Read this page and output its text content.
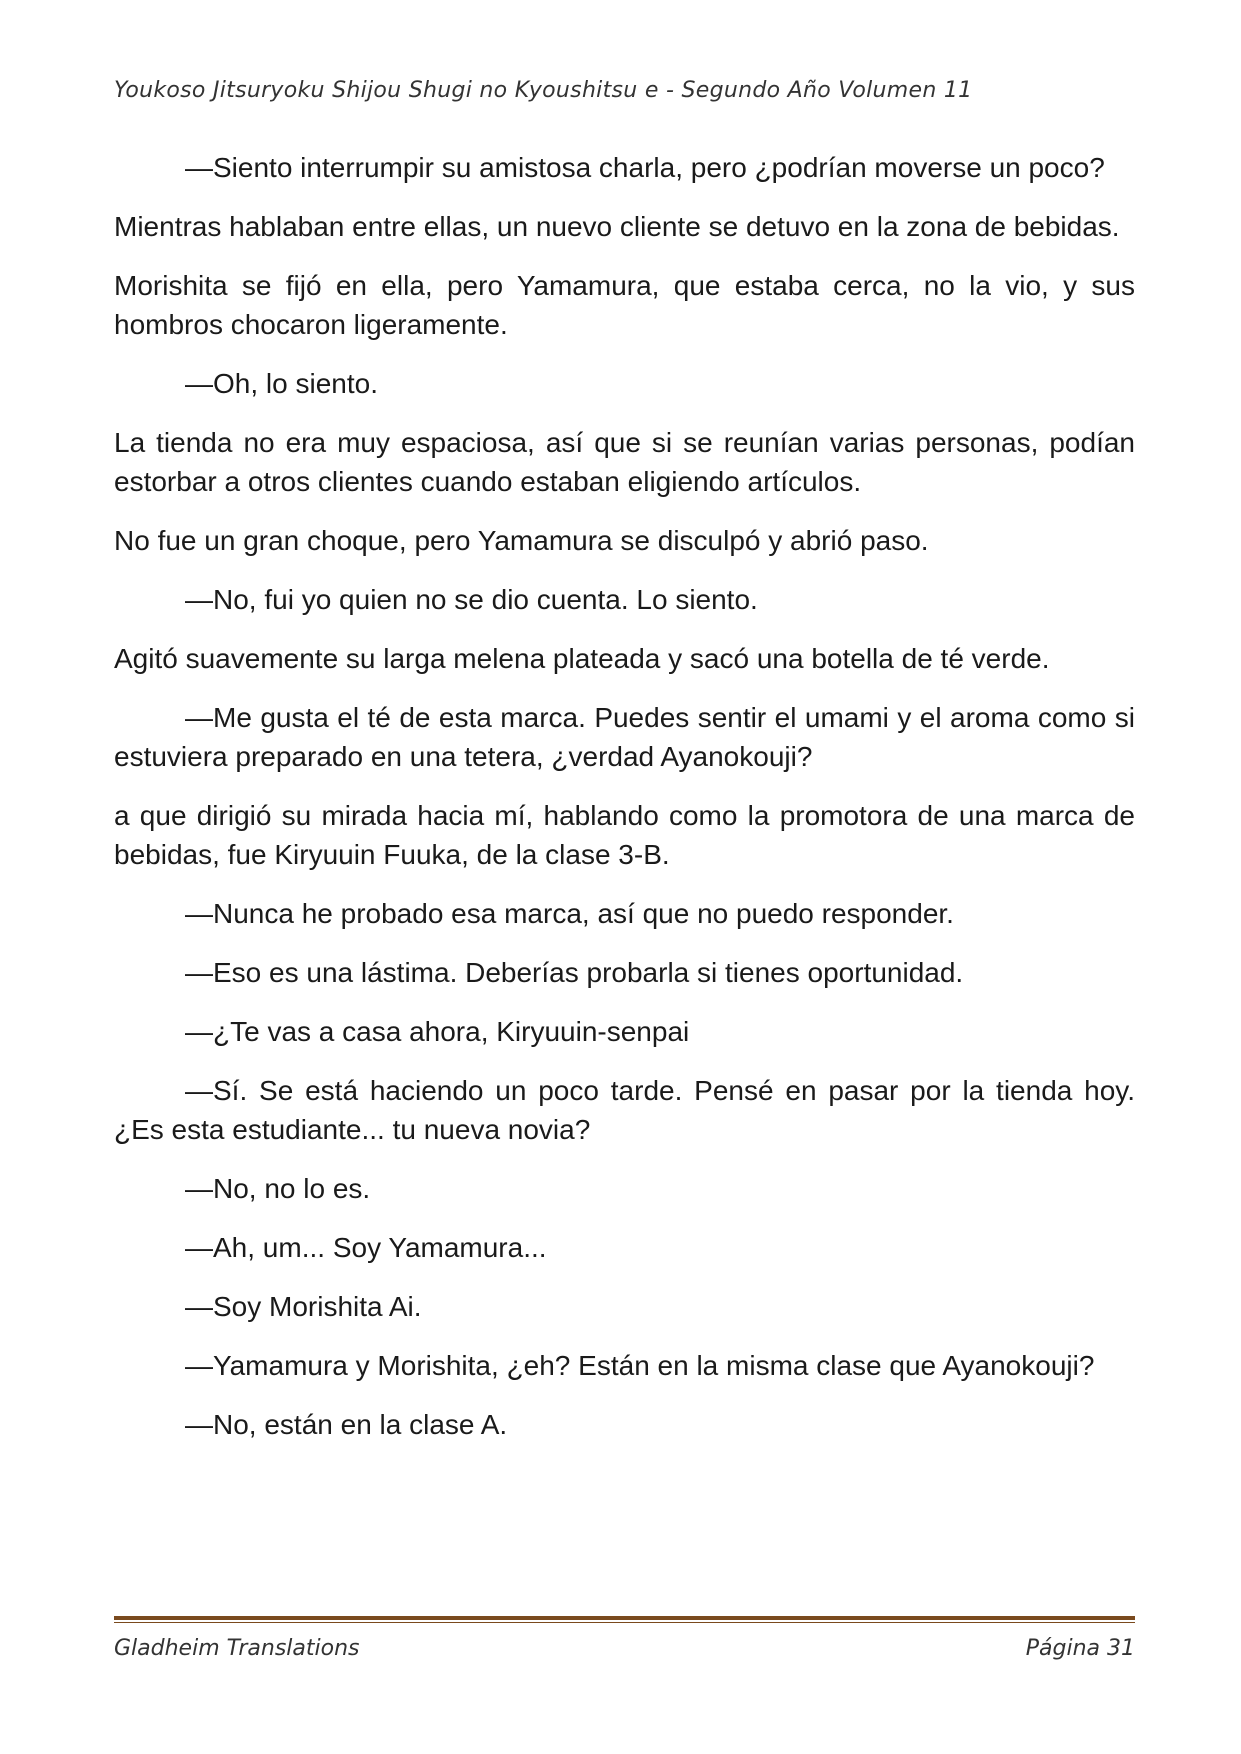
Youkoso Jitsuryoku Shijou Shugi no Kyoushitsu e - Segundo Año Volumen 11

—Siento interrumpir su amistosa charla, pero ¿podrían moverse un poco?

Mientras hablaban entre ellas, un nuevo cliente se detuvo en la zona de bebidas.

Morishita se fijó en ella, pero Yamamura, que estaba cerca, no la vio, y sus hombros chocaron ligeramente.

—Oh, lo siento.

La tienda no era muy espaciosa, así que si se reunían varias personas, podían estorbar a otros clientes cuando estaban eligiendo artículos.

No fue un gran choque, pero Yamamura se disculpó y abrió paso.

—No, fui yo quien no se dio cuenta. Lo siento.

Agitó suavemente su larga melena plateada y sacó una botella de té verde.

—Me gusta el té de esta marca. Puedes sentir el umami y el aroma como si estuviera preparado en una tetera, ¿verdad Ayanokouji?

a que dirigió su mirada hacia mí, hablando como la promotora de una marca de bebidas, fue Kiryuuin Fuuka, de la clase 3-B.

—Nunca he probado esa marca, así que no puedo responder.

—Eso es una lástima. Deberías probarla si tienes oportunidad.

—¿Te vas a casa ahora, Kiryuuin-senpai

—Sí. Se está haciendo un poco tarde. Pensé en pasar por la tienda hoy. ¿Es esta estudiante... tu nueva novia?

—No, no lo es.

—Ah, um... Soy Yamamura...

—Soy Morishita Ai.

—Yamamura y Morishita, ¿eh? Están en la misma clase que Ayanokouji?

—No, están en la clase A.

Gladheim Translations	Página 31
